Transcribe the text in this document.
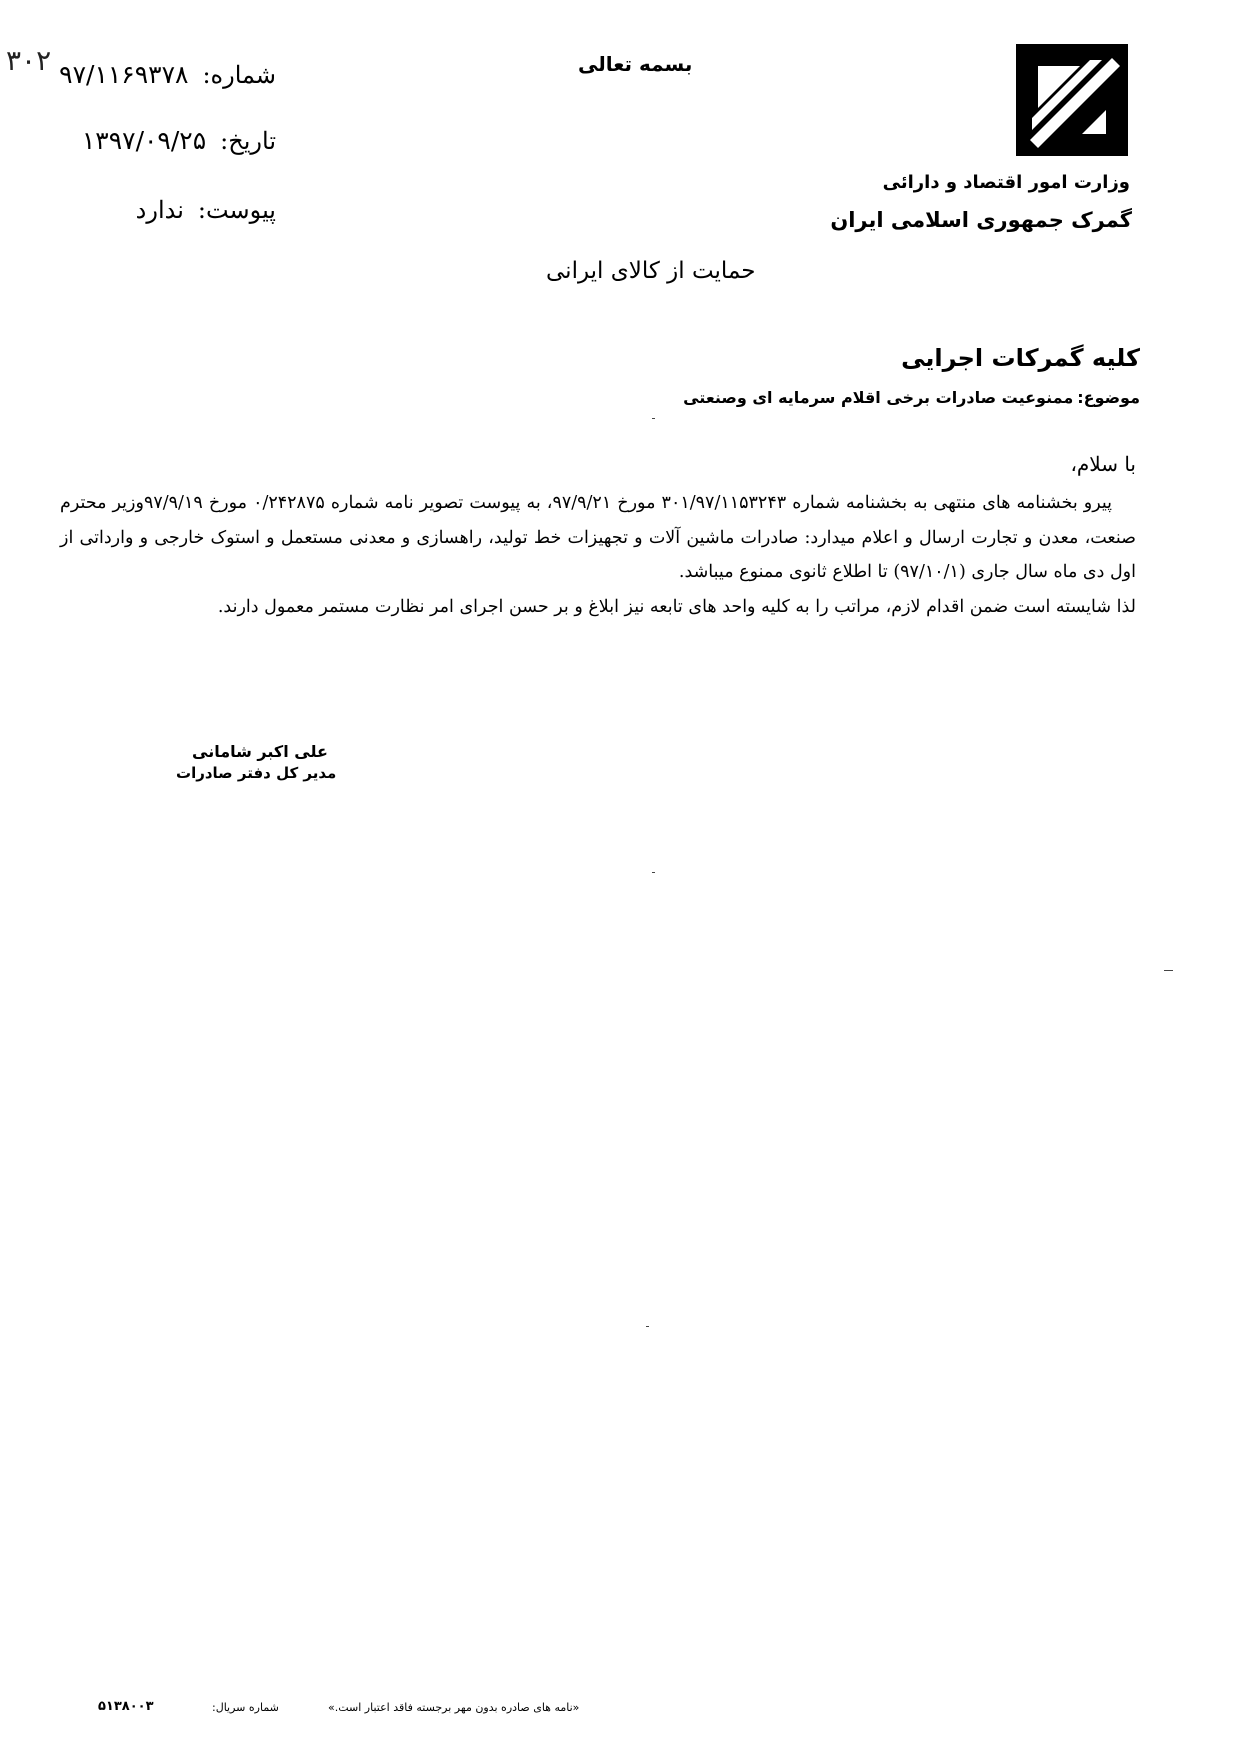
وزارت امور اقتصاد و دارائی
گمرک جمهوری اسلامی ایران
بسمه تعالی
شماره:۹۷/۱۱۶۹۳۷۸
تاریخ:۱۳۹۷/۰۹/۲۵
پیوست:ندارد
۳۰۲
حمایت از کالای ایرانی
کلیه گمرکات اجرایی
موضوع:ممنوعیت صادرات برخی اقلام سرمایه ای وصنعتی
با سلام،

پیرو بخشنامه های منتهی به بخشنامه شماره ۳۰۱/۹۷/۱۱۵۳۲۴۳ مورخ ۹۷/۹/۲۱، به پیوست تصویر نامه شماره ۰/۲۴۲۸۷۵ مورخ ۹۷/۹/۱۹وزیر محترم صنعت، معدن و تجارت ارسال و اعلام میدارد: صادرات ماشین آلات و تجهیزات خط تولید، راهسازی و معدنی مستعمل و استوک خارجی و وارداتی از اول دی ماه سال جاری (۹۷/۱۰/۱) تا اطلاع ثانوی ممنوع میباشد.

لذا شایسته است ضمن اقدام لازم، مراتب را به کلیه واحد های تابعه نیز ابلاغ و بر حسن اجرای امر نظارت مستمر معمول دارند.

علی اکبر شامانی
مدیر کل دفتر صادرات
«نامه های صادره بدون مهر برجسته فاقد اعتبار است.»
شماره سریال:
۵۱۳۸۰۰۳
